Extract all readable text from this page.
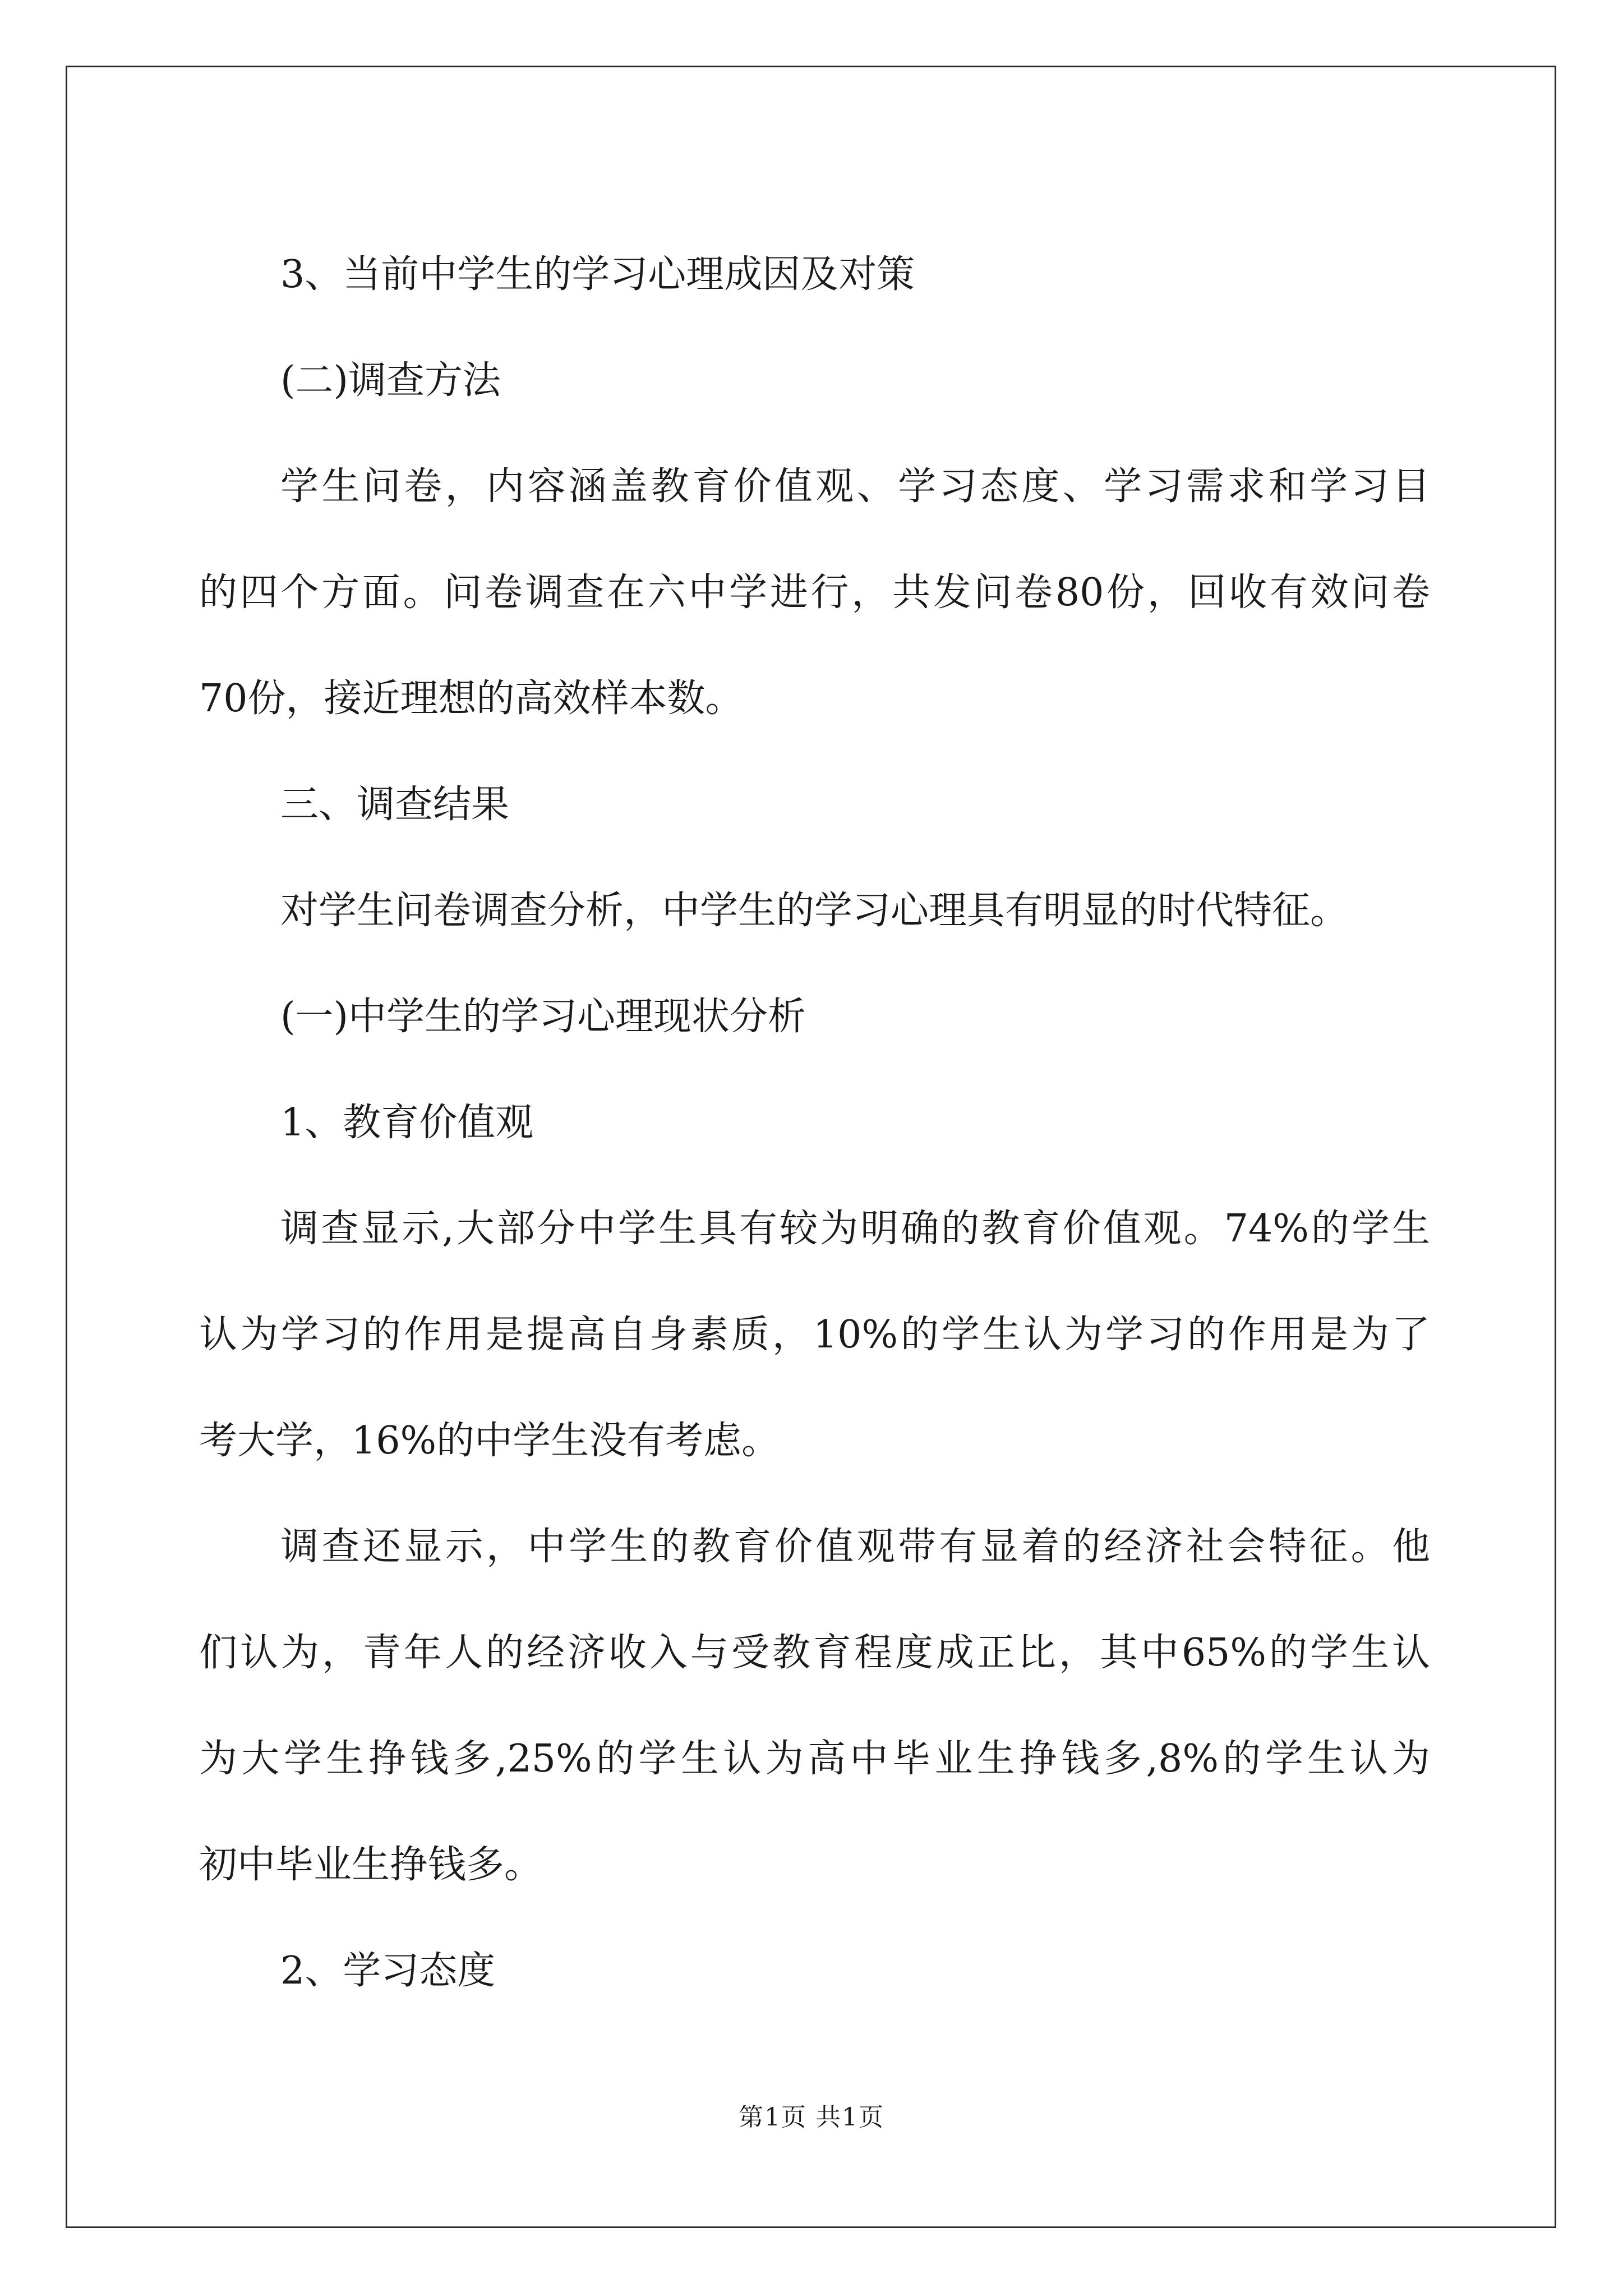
3、当前中学生的学习心理成因及对策
(二)调查方法
学生问卷，内容涵盖教育价值观、学习态度、学习需求和学习目
的四个方面。问卷调查在六中学进行，共发问卷80份，回收有效问卷
70份，接近理想的高效样本数。
三、调查结果
对学生问卷调查分析，中学生的学习心理具有明显的时代特征。
(一)中学生的学习心理现状分析
1、教育价值观
调查显示,大部分中学生具有较为明确的教育价值观。74%的学生
认为学习的作用是提高自身素质，10%的学生认为学习的作用是为了
考大学，16%的中学生没有考虑。
调查还显示，中学生的教育价值观带有显着的经济社会特征。他
们认为，青年人的经济收入与受教育程度成正比，其中65%的学生认
为大学生挣钱多,25%的学生认为高中毕业生挣钱多,8%的学生认为
初中毕业生挣钱多。
2、学习态度
第1页 共1页
